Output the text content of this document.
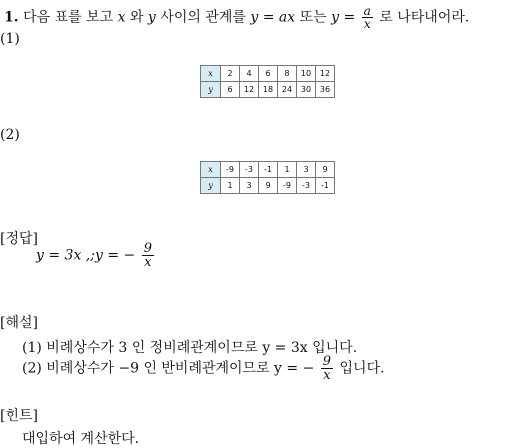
1. 다음 표를 보고 x 와 y 사이의 관계를 y = ax 또는 $y = \frac{a}{x}$ 로 나타내어라.
(1)
x	2	4	6	8	10	12
y	6	12	18	24	30	36
(2)
x	-9	-3	-1	1	3	9
y	1	3	9	-9	-3	-1
[정답]
y = 3x ,;y = − $\frac{9}{x}$
[해설]
(1) 비례상수가 3 인 정비례관계이므로 y = 3x 입니다.
(2) 비례상수가 −9 인 반비례관계이므로 y = − $\frac{9}{x}$ 입니다.
[힌트]
대입하여 계산한다.
